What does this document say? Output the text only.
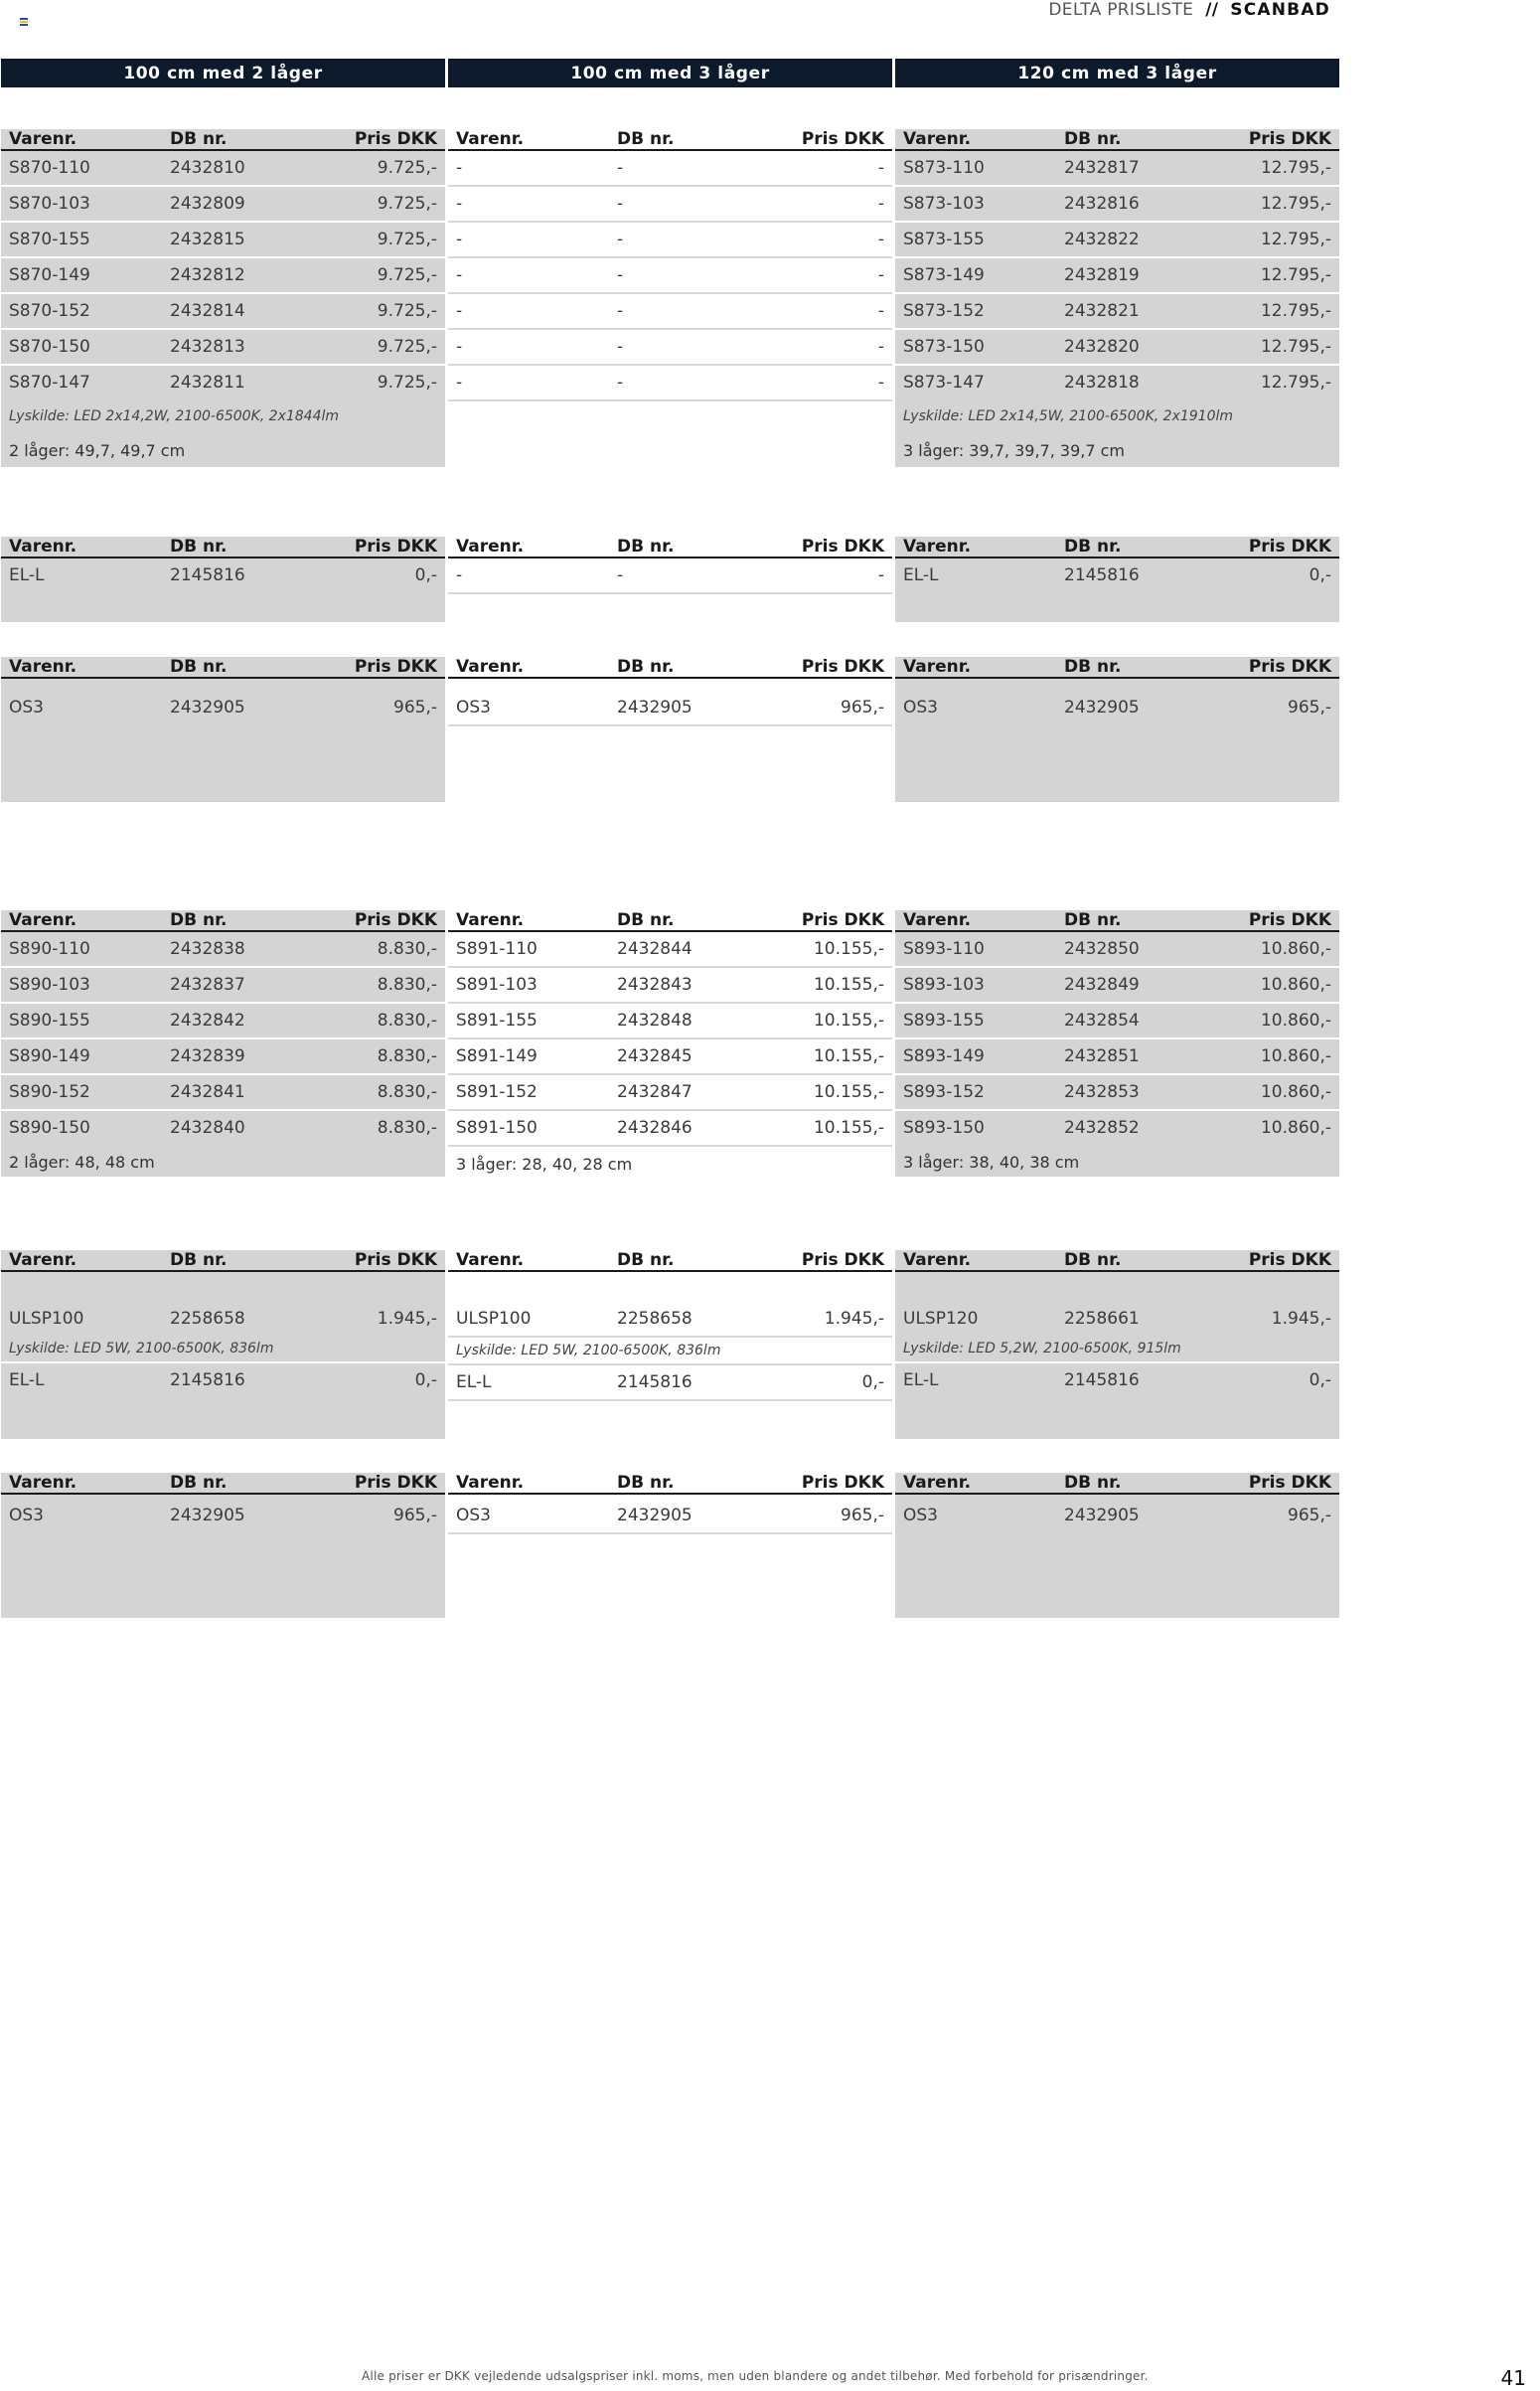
DELTA PRISLISTE // SCANBAD
100 cm med 2 låger	100 cm med 3 låger	120 cm med 3 låger
Varenr.	DB nr.	Pris DKK
S870-110	2432810	9.725,-
S870-103	2432809	9.725,-
S870-155	2432815	9.725,-
S870-149	2432812	9.725,-
S870-152	2432814	9.725,-
S870-150	2432813	9.725,-
S870-147	2432811	9.725,-
Lyskilde: LED 2x14,2W, 2100-6500K, 2x1844lm
2 låger: 49,7, 49,7 cm
Varenr.	DB nr.	Pris DKK
-	-	-
-	-	-
-	-	-
-	-	-
-	-	-
-	-	-
-	-	-
Varenr.	DB nr.	Pris DKK
S873-110	2432817	12.795,-
S873-103	2432816	12.795,-
S873-155	2432822	12.795,-
S873-149	2432819	12.795,-
S873-152	2432821	12.795,-
S873-150	2432820	12.795,-
S873-147	2432818	12.795,-
Lyskilde: LED 2x14,5W, 2100-6500K, 2x1910lm
3 låger: 39,7, 39,7, 39,7 cm
Varenr.	DB nr.	Pris DKK
EL-L	2145816	0,-
Varenr.	DB nr.	Pris DKK
-	-	-
Varenr.	DB nr.	Pris DKK
EL-L	2145816	0,-
Varenr.	DB nr.	Pris DKK
OS3	2432905	965,-
Varenr.	DB nr.	Pris DKK
OS3	2432905	965,-
Varenr.	DB nr.	Pris DKK
OS3	2432905	965,-
Varenr.	DB nr.	Pris DKK
S890-110	2432838	8.830,-
S890-103	2432837	8.830,-
S890-155	2432842	8.830,-
S890-149	2432839	8.830,-
S890-152	2432841	8.830,-
S890-150	2432840	8.830,-
2 låger: 48, 48 cm
Varenr.	DB nr.	Pris DKK
S891-110	2432844	10.155,-
S891-103	2432843	10.155,-
S891-155	2432848	10.155,-
S891-149	2432845	10.155,-
S891-152	2432847	10.155,-
S891-150	2432846	10.155,-
3 låger: 28, 40, 28 cm
Varenr.	DB nr.	Pris DKK
S893-110	2432850	10.860,-
S893-103	2432849	10.860,-
S893-155	2432854	10.860,-
S893-149	2432851	10.860,-
S893-152	2432853	10.860,-
S893-150	2432852	10.860,-
3 låger: 38, 40, 38 cm
Varenr.	DB nr.	Pris DKK
ULSP100	2258658	1.945,-
Lyskilde: LED 5W, 2100-6500K, 836lm
EL-L	2145816	0,-
Varenr.	DB nr.	Pris DKK
ULSP100	2258658	1.945,-
Lyskilde: LED 5W, 2100-6500K, 836lm
EL-L	2145816	0,-
Varenr.	DB nr.	Pris DKK
ULSP120	2258661	1.945,-
Lyskilde: LED 5,2W, 2100-6500K, 915lm
EL-L	2145816	0,-
Varenr.	DB nr.	Pris DKK
OS3	2432905	965,-
Varenr.	DB nr.	Pris DKK
OS3	2432905	965,-
Varenr.	DB nr.	Pris DKK
OS3	2432905	965,-
Alle priser er DKK vejledende udsalgspriser inkl. moms, men uden blandere og andet tilbehør. Med forbehold for prisændringer.	41
